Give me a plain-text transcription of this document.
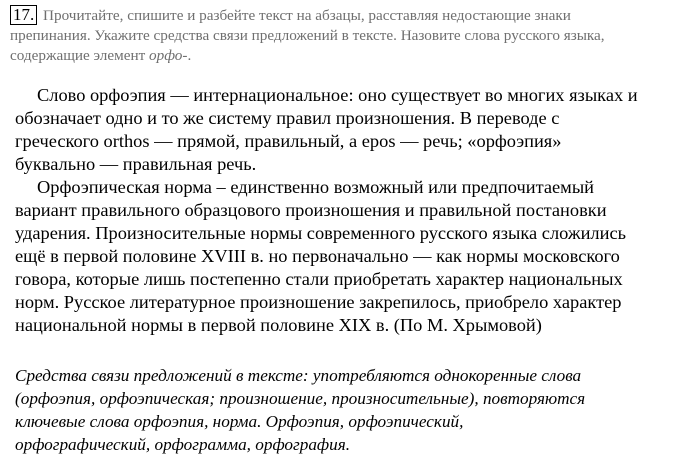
17. Прочитайте, спишите и разбейте текст на абзацы, расставляя недостающие знаки
препинания. Укажите средства связи предложений в тексте. Назовите слова русского языка,
содержащие элемент орфо-.
Слово орфоэпия — интернациональное: оно существует во многих языках и
обозначает одно и то же систему правил произношения. В переводе с
греческого orthos — прямой, правильный, а epos — речь; «орфоэпия»
буквально — правильная речь.
Орфоэпическая норма – единственно возможный или предпочитаемый
вариант правильного образцового произношения и правильной постановки
ударения. Произносительные нормы современного русского языка сложились
ещё в первой половине XVIII в. но первоначально — как нормы московского
говора, которые лишь постепенно стали приобретать характер национальных
норм. Русское литературное произношение закрепилось, приобрело характер
национальной нормы в первой половине XIX в. (По М. Хрымовой)
Средства связи предложений в тексте: употребляются однокоренные слова
(орфоэпия, орфоэпическая; произношение, произносительные), повторяются
ключевые слова орфоэпия, норма. Орфоэпия, орфоэпический,
орфографический, орфограмма, орфография.
